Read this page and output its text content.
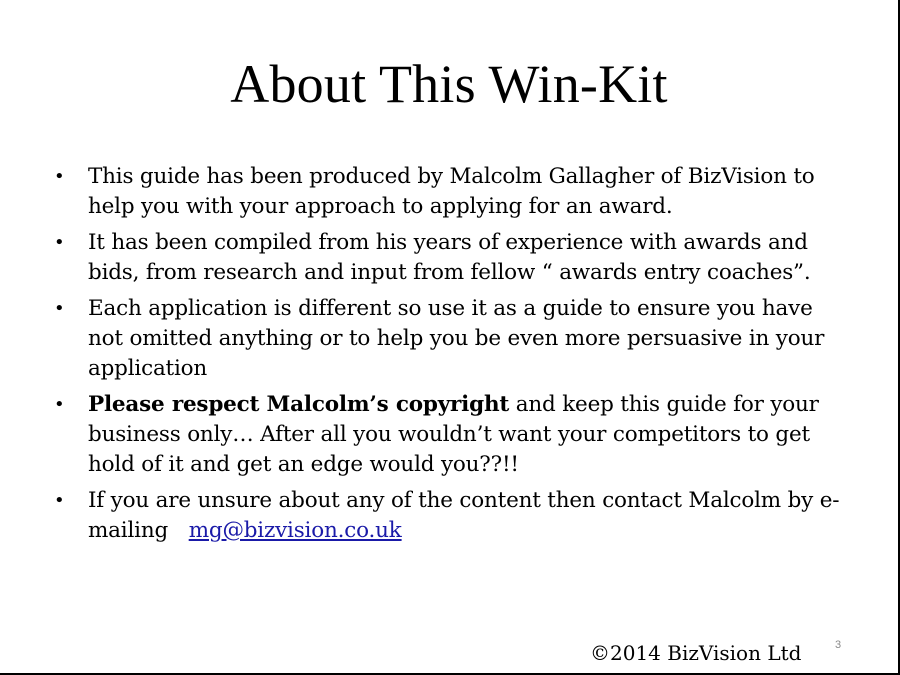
About This Win-Kit
•	This guide has been produced by Malcolm Gallagher of BizVision to help you with your approach to applying for an award.
•	It has been compiled from his years of experience with awards and bids, from research and input from fellow “ awards entry coaches”.
•	Each application is different so use it as a guide to ensure you have not omitted anything or to help you be even more persuasive in your application
•	Please respect Malcolm’s copyright and keep this guide for your business only… After all you wouldn’t want your competitors to get hold of it and get an edge would you??!!
•	If you are unsure about any of the content then contact Malcolm by e-mailing mg@bizvision.co.uk
©2014 BizVision Ltd	3
